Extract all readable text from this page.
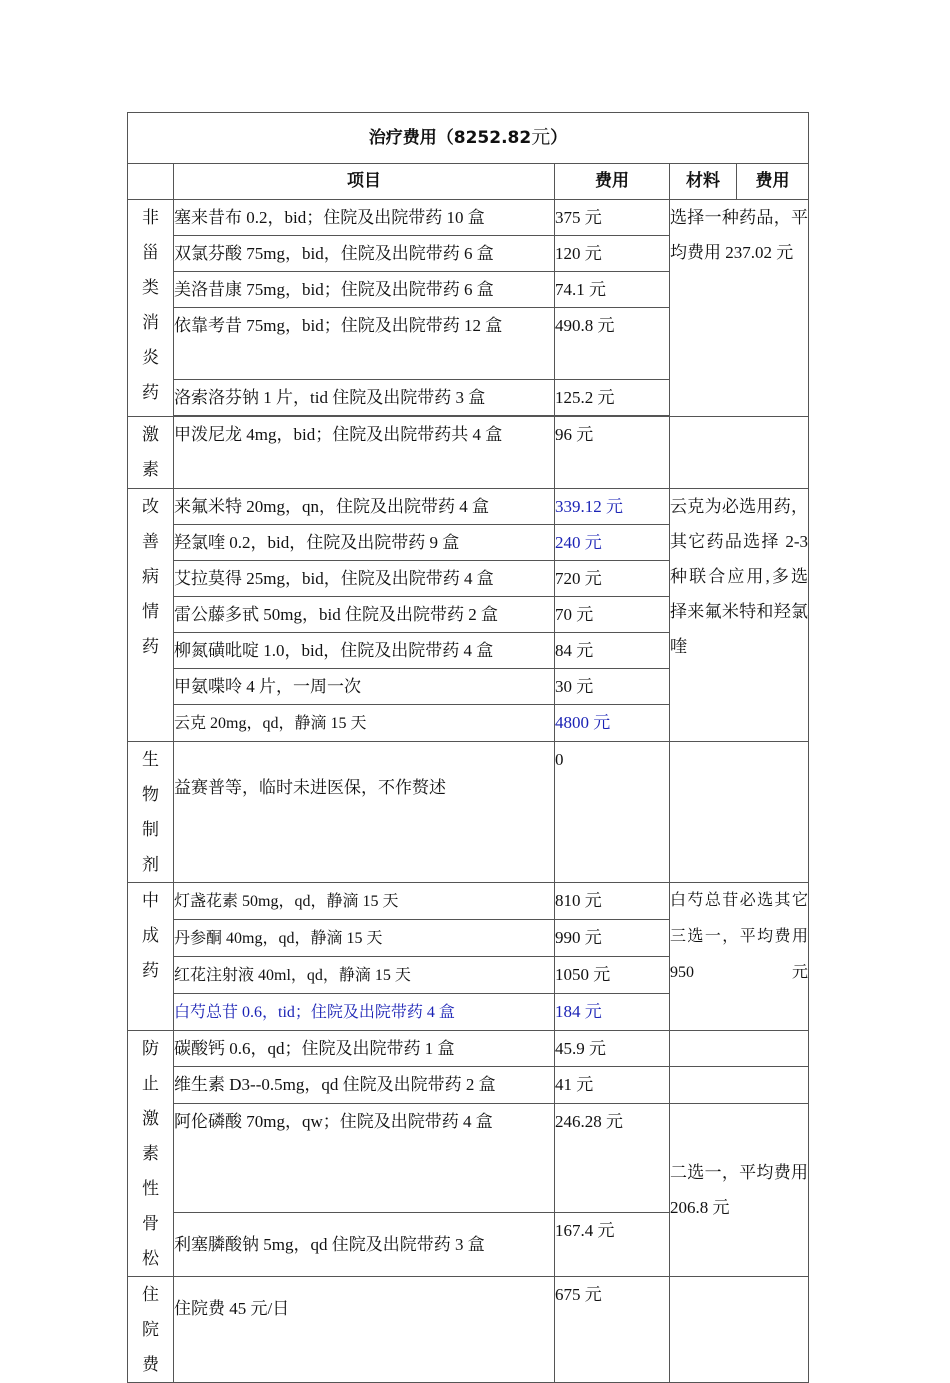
治疗费用（8252.82元）				
	项目	费用	材料	费用
非甾类消炎药	塞来昔布 0.2，bid；住院及出院带药 10 盒	375 元	选择一种药品，平均费用 237.02 元	
	双氯芬酸 75mg，bid，住院及出院带药 6 盒	120 元		
	美洛昔康 75mg，bid；住院及出院带药 6 盒	74.1 元		
	依靠考昔 75mg，bid；住院及出院带药 12 盒	490.8 元		
	洛索洛芬钠 1 片，tid 住院及出院带药 3 盒	125.2 元		

激素	甲泼尼龙 4mg，bid；住院及出院带药共 4 盒	96 元		
改善病情药	来氟米特 20mg，qn，住院及出院带药 4 盒	339.12 元	云克为必选用药，其它药品选择 2-3 种联合应用,多选择来氟米特和羟氯喹	
	羟氯喹 0.2，bid，住院及出院带药 9 盒	240 元		
	艾拉莫得 25mg，bid，住院及出院带药 4 盒	720 元		
	雷公藤多甙 50mg，bid 住院及出院带药 2 盒	70 元		
	柳氮磺吡啶 1.0，bid，住院及出院带药 4 盒	84 元		
	甲氨喋呤 4 片，一周一次	30 元		
	云克 20mg，qd，静滴 15 天	4800 元		
生物制剂	益赛普等，临时未进医保，不作赘述	0		
中成药	灯盏花素 50mg，qd，静滴 15 天	810 元	白芍总苷必选其它三选一，平均费用 950 元	
	丹参酮 40mg，qd，静滴 15 天	990 元		
	红花注射液 40ml，qd，静滴 15 天	1050 元		
	白芍总苷 0.6，tid；住院及出院带药 4 盒	184 元		
防止激素性骨松	碳酸钙 0.6，qd；住院及出院带药 1 盒	45.9 元		
	维生素 D3--0.5mg，qd 住院及出院带药 2 盒	41 元		
	阿伦磷酸 70mg，qw；住院及出院带药 4 盒	246.28 元	二选一，平均费用 206.8 元	
	利塞膦酸钠 5mg，qd 住院及出院带药 3 盒	167.4 元		
住院费	住院费 45 元/日	675 元		
